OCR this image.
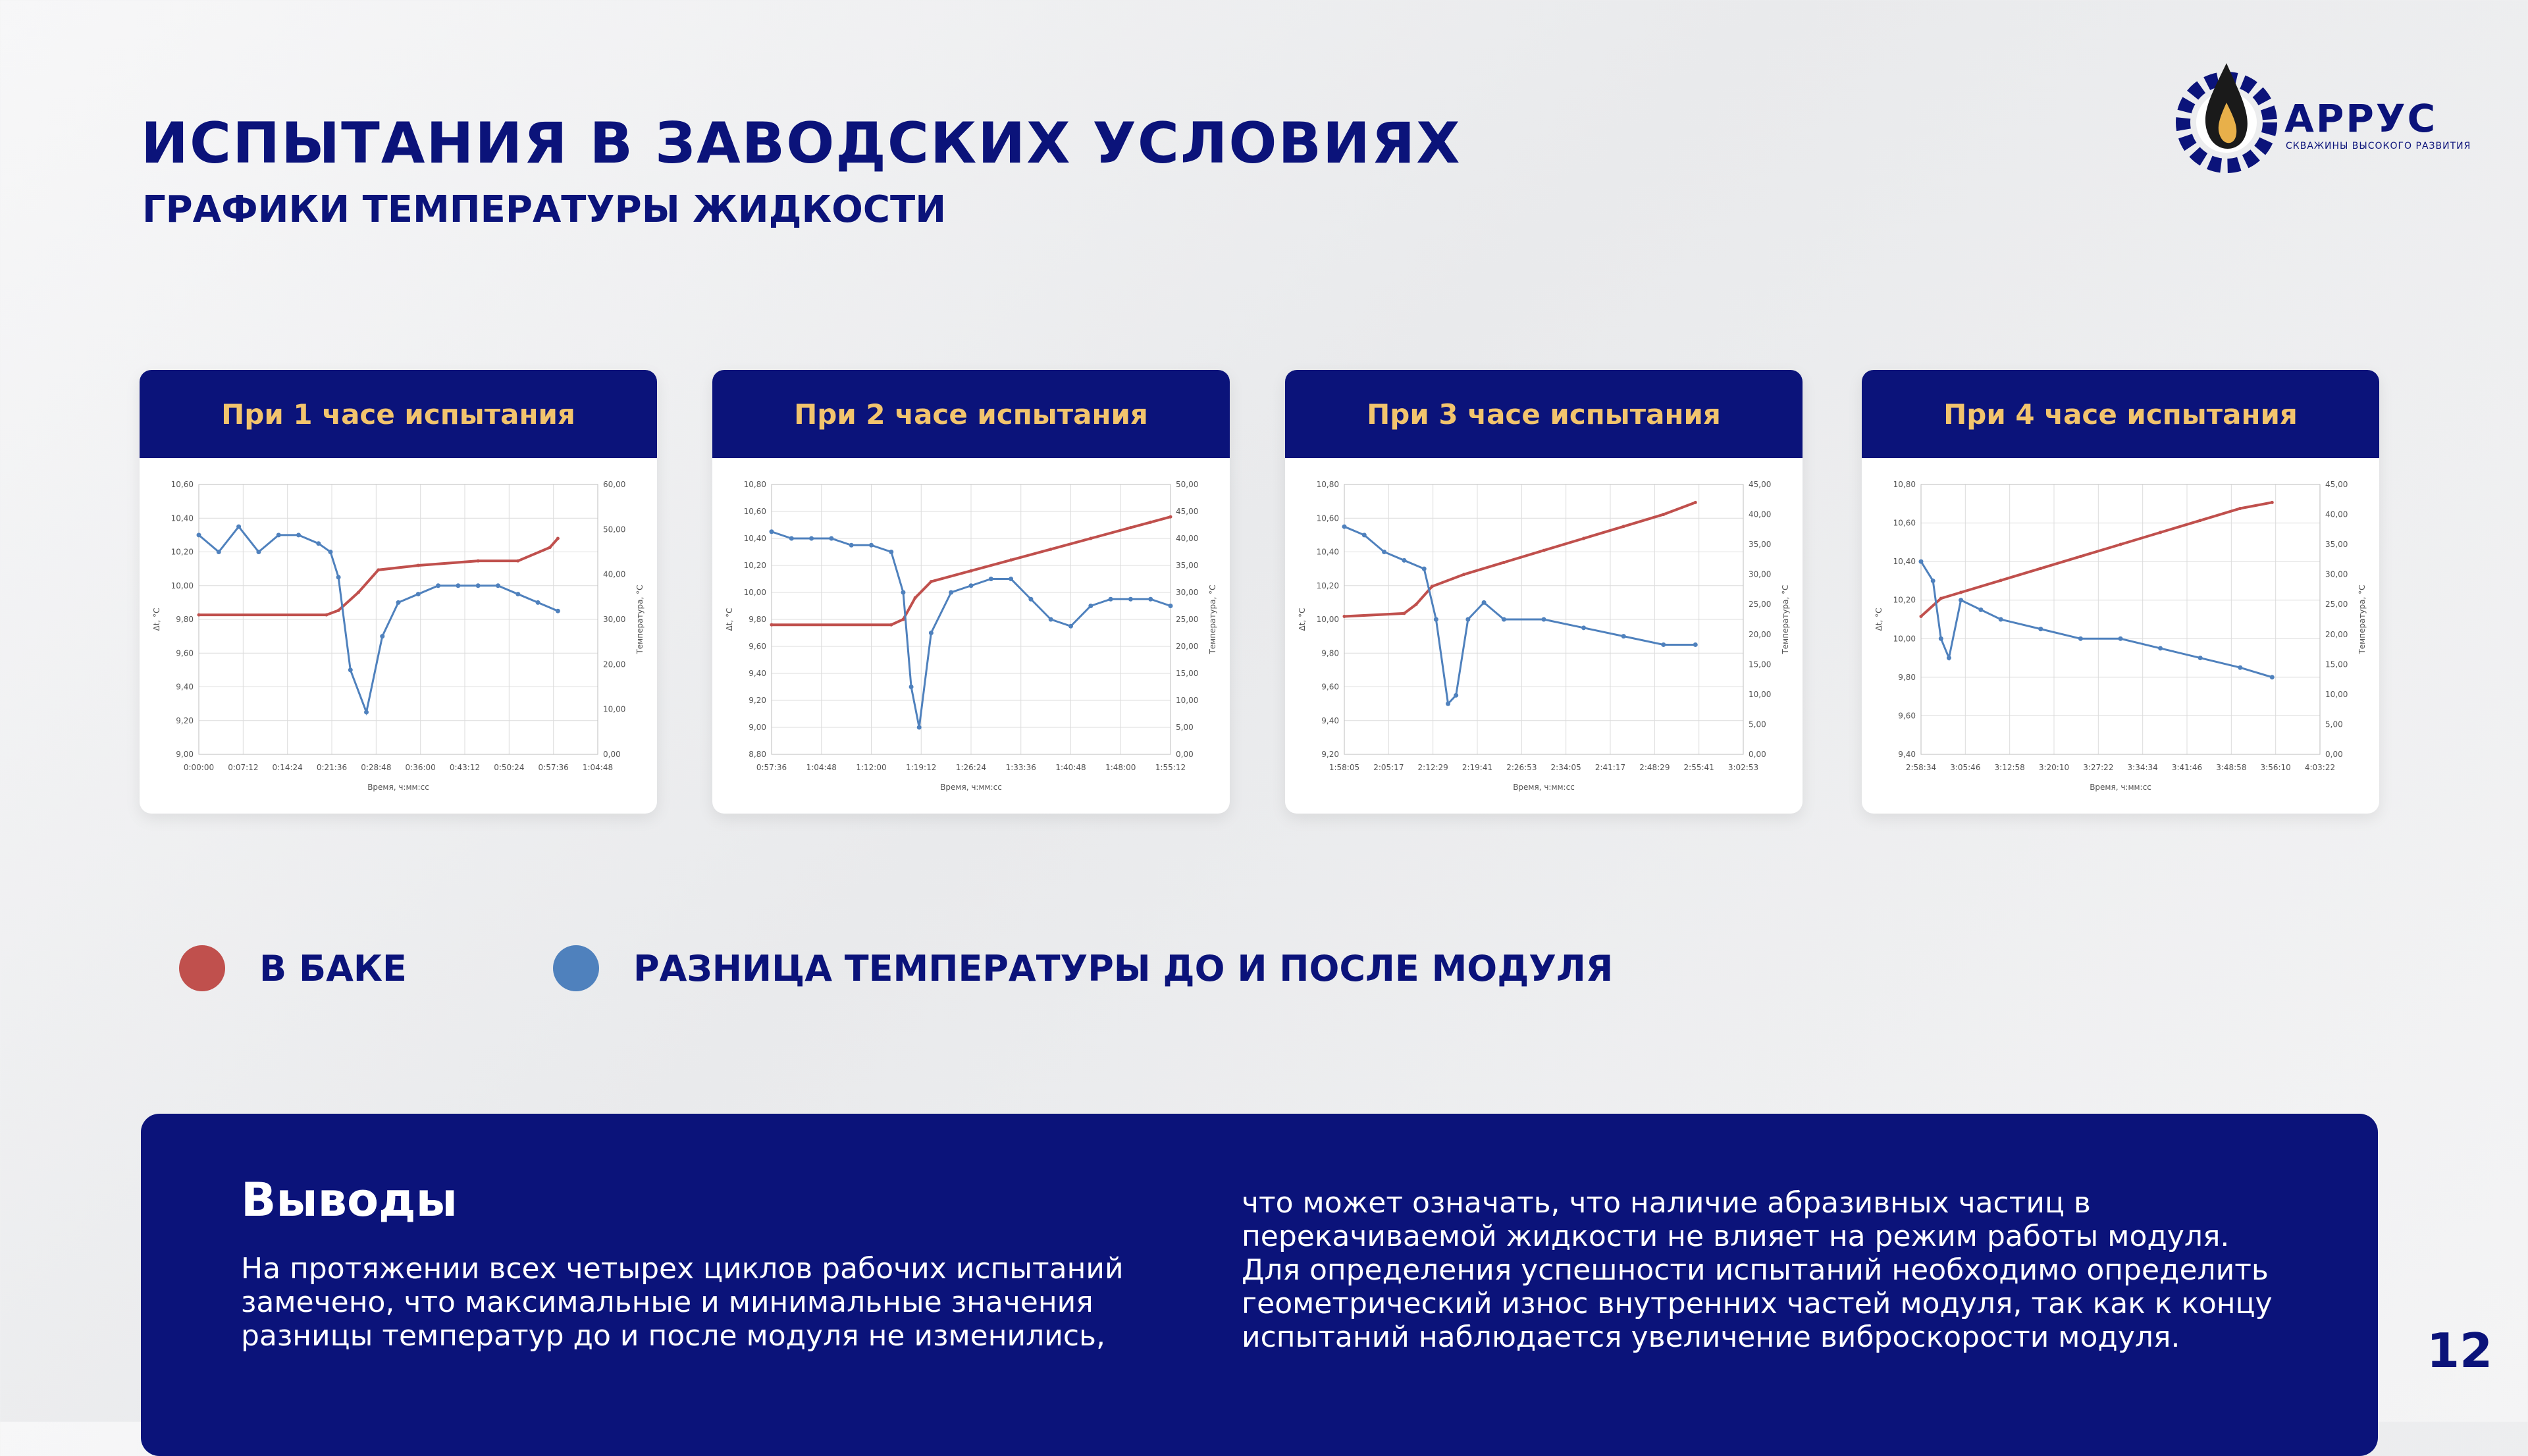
ИСПЫТАНИЯ В ЗАВОДСКИХ УСЛОВИЯХ
ГРАФИКИ ТЕМПЕРАТУРЫ ЖИДКОСТИ
АРРУС
СКВАЖИНЫ ВЫСОКОГО РАЗВИТИЯ
При 1 часе испытания
9,00
9,20
9,40
9,60
9,80
10,00
10,20
10,40
10,60
0,00
10,00
20,00
30,00
40,00
50,00
60,00
0:00:00 0:07:12 0:14:24 0:21:36 0:28:48 0:36:00 0:43:12 0:50:24 0:57:36 1:04:48
Время, ч:мм:сс
Δt, °C	Температура, °C
При 2 часе испытания
8,80
9,00
9,20
9,40
9,60
9,80
10,00
10,20
10,40
10,60
10,80
0,00
5,00
10,00
15,00
20,00
25,00
30,00
35,00
40,00
45,00
50,00
0:57:36 1:04:48 1:12:00 1:19:12 1:26:24 1:33:36 1:40:48 1:48:00 1:55:12
Время, ч:мм:сс
Δt, °C	Температура, °C
При 3 часе испытания
9,20
9,40
9,60
9,80
10,00
10,20
10,40
10,60
10,80
0,00
5,00
10,00
15,00
20,00
25,00
30,00
35,00
40,00
45,00
1:58:05 2:05:17 2:12:29 2:19:41 2:26:53 2:34:05 2:41:17 2:48:29 2:55:41 3:02:53
Время, ч:мм:сс
Δt, °C	Температура, °C
При 4 часе испытания
9,40
9,60
9,80
10,00
10,20
10,40
10,60
10,80
0,00
5,00
10,00
15,00
20,00
25,00
30,00
35,00
40,00
45,00
2:58:34 3:05:46 3:12:58 3:20:10 3:27:22 3:34:34 3:41:46 3:48:58 3:56:10 4:03:22
Время, ч:мм:сс
Δt, °C	Температура, °C
В БАКЕ	РАЗНИЦА ТЕМПЕРАТУРЫ ДО И ПОСЛЕ МОДУЛЯ
Выводы
На протяжении всех четырех циклов рабочих испытаний
замечено, что максимальные и минимальные значения
разницы температур до и после модуля не изменились,
что может означать, что наличие абразивных частиц в
перекачиваемой жидкости не влияет на режим работы модуля.
Для определения успешности испытаний необходимо определить
геометрический износ внутренних частей модуля, так как к концу
испытаний наблюдается увеличение виброскорости модуля.	12
